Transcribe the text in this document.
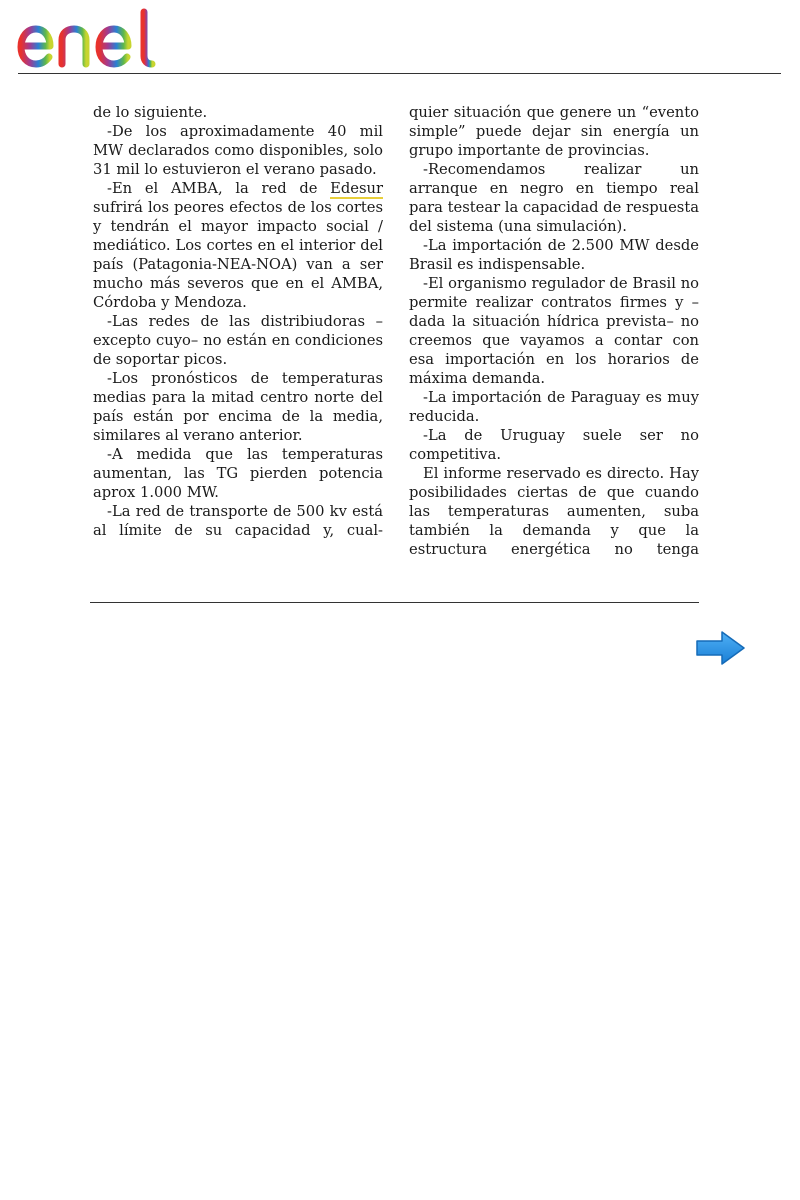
de lo siguiente.

-De los aproximadamente 40 mil MW declarados como disponibles, solo 31 mil lo estuvieron el verano pasado.

-En el AMBA, la red de Edesur sufrirá los peores efectos de los cortes y tendrán el mayor impacto social / mediático. Los cortes en el interior del país (Patagonia-NEA-NOA) van a ser mucho más severos que en el AMBA, Córdoba y Mendoza.

-Las redes de las distribiudoras –excepto cuyo– no están en condiciones de soportar picos.

-Los pronósticos de temperaturas medias para la mitad centro norte del país están por encima de la media, similares al verano anterior.

-A medida que las temperaturas aumentan, las TG pierden potencia aprox 1.000 MW.

-La red de transporte de 500 kv está al límite de su capacidad y, cual-

quier situación que genere un “evento simple” puede dejar sin energía un grupo importante de provincias.

-Recomendamos realizar un arranque en negro en tiempo real para testear la capacidad de respuesta del sistema (una simulación).

-La importación de 2.500 MW desde Brasil es indispensable.

-El organismo regulador de Brasil no permite realizar contratos firmes y –dada la situación hídrica prevista– no creemos que vayamos a contar con esa importación en los horarios de máxima demanda.

-La importación de Paraguay es muy reducida.

-La de Uruguay suele ser no competitiva.

El informe reservado es directo. Hay posibilidades ciertas de que cuando las temperaturas aumenten, suba también la demanda y que la estructura energética no tenga
